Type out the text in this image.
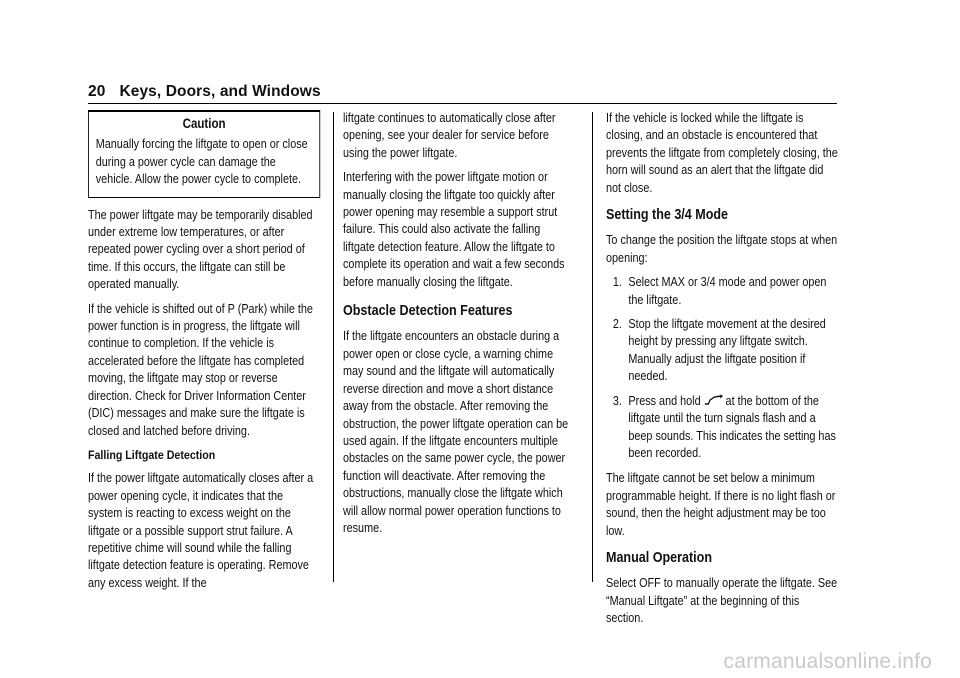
20 Keys, Doors, and Windows
Caution

Manually forcing the liftgate to open or close during a power cycle can damage the vehicle. Allow the power cycle to complete.

The power liftgate may be temporarily disabled under extreme low temperatures, or after repeated power cycling over a short period of time. If this occurs, the liftgate can still be operated manually.

If the vehicle is shifted out of P (Park) while the power function is in progress, the liftgate will continue to completion. If the vehicle is accelerated before the liftgate has completed moving, the liftgate may stop or reverse direction. Check for Driver Information Center (DIC) messages and make sure the liftgate is closed and latched before driving.

Falling Liftgate Detection

If the power liftgate automatically closes after a power opening cycle, it indicates that the system is reacting to excess weight on the liftgate or a possible support strut failure. A repetitive chime will sound while the falling liftgate detection feature is operating. Remove any excess weight. If the

liftgate continues to automatically close after opening, see your dealer for service before using the power liftgate.

Interfering with the power liftgate motion or manually closing the liftgate too quickly after power opening may resemble a support strut failure. This could also activate the falling liftgate detection feature. Allow the liftgate to complete its operation and wait a few seconds before manually closing the liftgate.

Obstacle Detection Features

If the liftgate encounters an obstacle during a power open or close cycle, a warning chime may sound and the liftgate will automatically reverse direction and move a short distance away from the obstacle. After removing the obstruction, the power liftgate operation can be used again. If the liftgate encounters multiple obstacles on the same power cycle, the power function will deactivate. After removing the obstructions, manually close the liftgate which will allow normal power operation functions to resume.

If the vehicle is locked while the liftgate is closing, and an obstacle is encountered that prevents the liftgate from completely closing, the horn will sound as an alert that the liftgate did not close.

Setting the 3/4 Mode

To change the position the liftgate stops at when opening:

1. Select MAX or 3/4 mode and power open the liftgate.
2. Stop the liftgate movement at the desired height by pressing any liftgate switch. Manually adjust the liftgate position if needed.
3. Press and hold  at the bottom of the liftgate until the turn signals flash and a beep sounds. This indicates the setting has been recorded.

The liftgate cannot be set below a minimum programmable height. If there is no light flash or sound, then the height adjustment may be too low.

Manual Operation

Select OFF to manually operate the liftgate. See “Manual Liftgate” at the beginning of this section.

carmanualsonline.info
